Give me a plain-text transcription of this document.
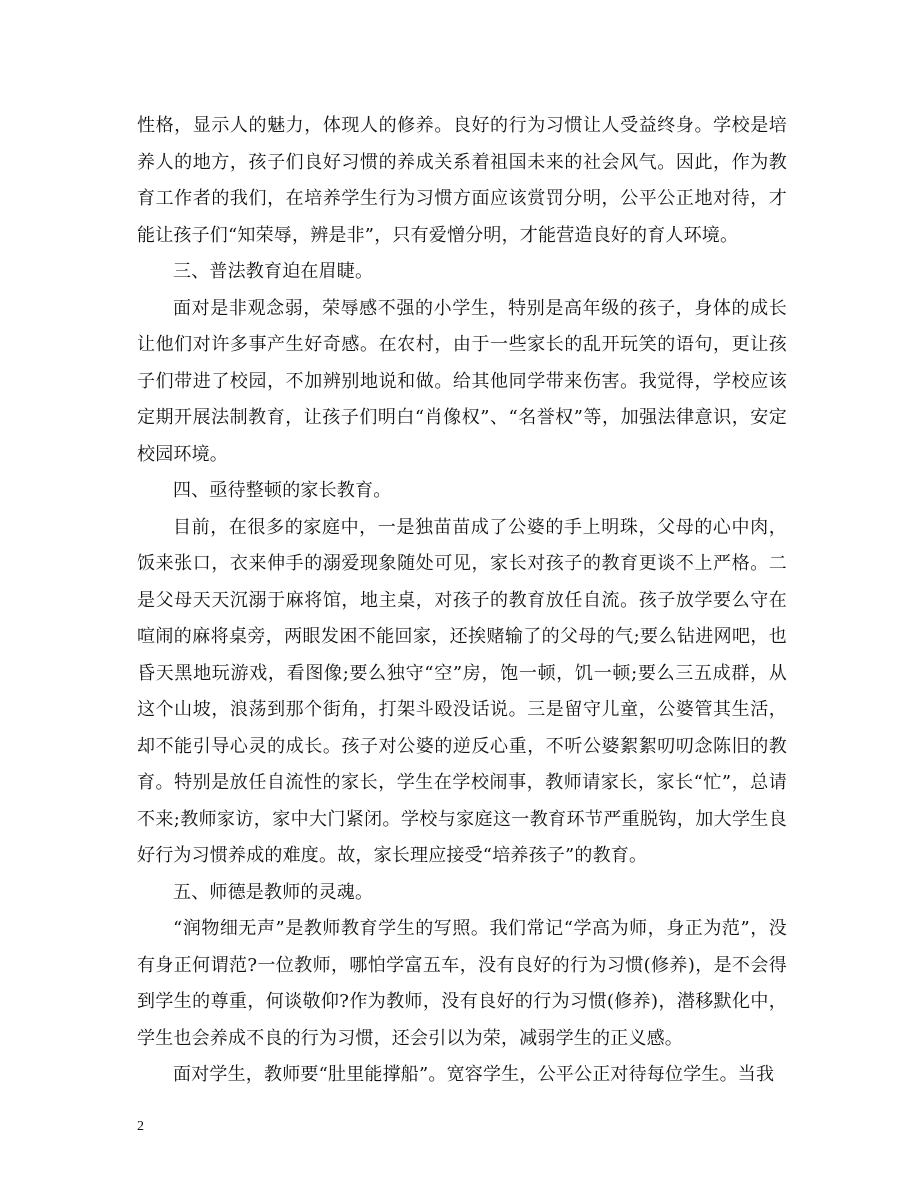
性格，显示人的魅力，体现人的修养。良好的行为习惯让人受益终身。学校是培养人的地方，孩子们良好习惯的养成关系着祖国未来的社会风气。因此，作为教育工作者的我们，在培养学生行为习惯方面应该赏罚分明，公平公正地对待，才能让孩子们“知荣辱，辨是非”，只有爱憎分明，才能营造良好的育人环境。

三、普法教育迫在眉睫。

面对是非观念弱，荣辱感不强的小学生，特别是高年级的孩子，身体的成长让他们对许多事产生好奇感。在农村，由于一些家长的乱开玩笑的语句，更让孩子们带进了校园，不加辨别地说和做。给其他同学带来伤害。我觉得，学校应该定期开展法制教育，让孩子们明白“肖像权”、“名誉权”等，加强法律意识，安定校园环境。

四、亟待整顿的家长教育。

目前，在很多的家庭中，一是独苗苗成了公婆的手上明珠，父母的心中肉，饭来张口，衣来伸手的溺爱现象随处可见，家长对孩子的教育更谈不上严格。二是父母天天沉溺于麻将馆，地主桌，对孩子的教育放任自流。孩子放学要么守在喧闹的麻将桌旁，两眼发困不能回家，还挨赌输了的父母的气;要么钻进网吧，也昏天黑地玩游戏，看图像;要么独守“空”房，饱一顿，饥一顿;要么三五成群，从这个山坡，浪荡到那个街角，打架斗殴没话说。三是留守儿童，公婆管其生活，却不能引导心灵的成长。孩子对公婆的逆反心重，不听公婆絮絮叨叨念陈旧的教育。特别是放任自流性的家长，学生在学校闹事，教师请家长，家长“忙”，总请不来;教师家访，家中大门紧闭。学校与家庭这一教育环节严重脱钩，加大学生良好行为习惯养成的难度。故，家长理应接受“培养孩子”的教育。

五、师德是教师的灵魂。

“润物细无声”是教师教育学生的写照。我们常记“学高为师，身正为范”，没有身正何谓范?一位教师，哪怕学富五车，没有良好的行为习惯(修养)，是不会得到学生的尊重，何谈敬仰?作为教师，没有良好的行为习惯(修养)，潜移默化中，学生也会养成不良的行为习惯，还会引以为荣，减弱学生的正义感。

面对学生，教师要“肚里能撑船”。宽容学生，公平公正对待每位学生。当我

2
